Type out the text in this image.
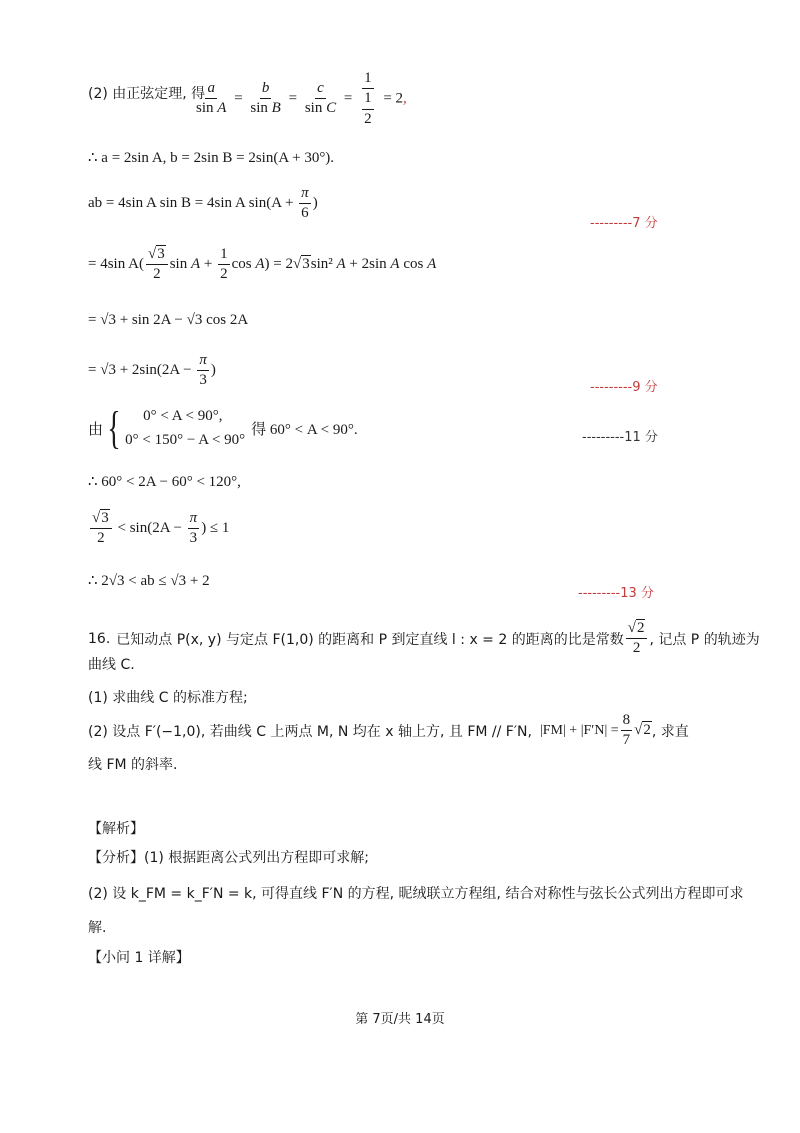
(2) 由正弦定理, 得
$\frac{a}{\text{sin A}} = \frac{b}{\text{sin B}} = \frac{c}{\text{sin C}} = \frac{1}{\frac{1}{2}} = 2$,
∴ a = 2sin A, b = 2sin B = 2sin(A + 30°).
ab = 4sin A sin B = 4sin A $\sin(A + \frac{\pi}{6}$ )
---------7 分
= 4sin $A( \frac{√3}{2}$ $\sin A + \frac{1}{2}$ cos A) = 2√3sin² A + 2sin A cos A
= √3 + sin 2A − √3 cos 2A
= $√3 + 2\sin(2A - \frac{\pi}{3}$ )
---------9 分
由 {	0° < A < 90°,
0° < 150° − A < 90°
得 60° < A < 90°.	---------11 分
∴ 60° < 2A − 60° < 120°,
$\frac{√3}{2} < \sin(2A - \frac{\pi}{3}$ ) ≤ 1
∴ 2√3 < ab ≤ √3 + 2
---------13 分
16. 已知动点 P(x, y) 与定点 F(1,0) 的距离和 P 到定直线 l : x = 2 的距离的比是常数 $\frac{√2}{2}$ , 记点 P 的轨迹为
曲线 C.
(1) 求曲线 C 的标准方程;
(2) 设点 F′(−1,0), 若曲线 C 上两点 M, N 均在 x 轴上方, 且 FM // F′N, $|FM| + |F'N| = \frac{8}{7} √2$ , 求直
线 FM 的斜率.
【解析】
【分析】(1) 根据距离公式列出方程即可求解;
(2) 设 k_FM = k_F′N = k, 可得直线 F′N 的方程, 昵绒联立方程组, 结合对称性与弦长公式列出方程即可求
解.
【小问 1 详解】
第 7页/共 14页
